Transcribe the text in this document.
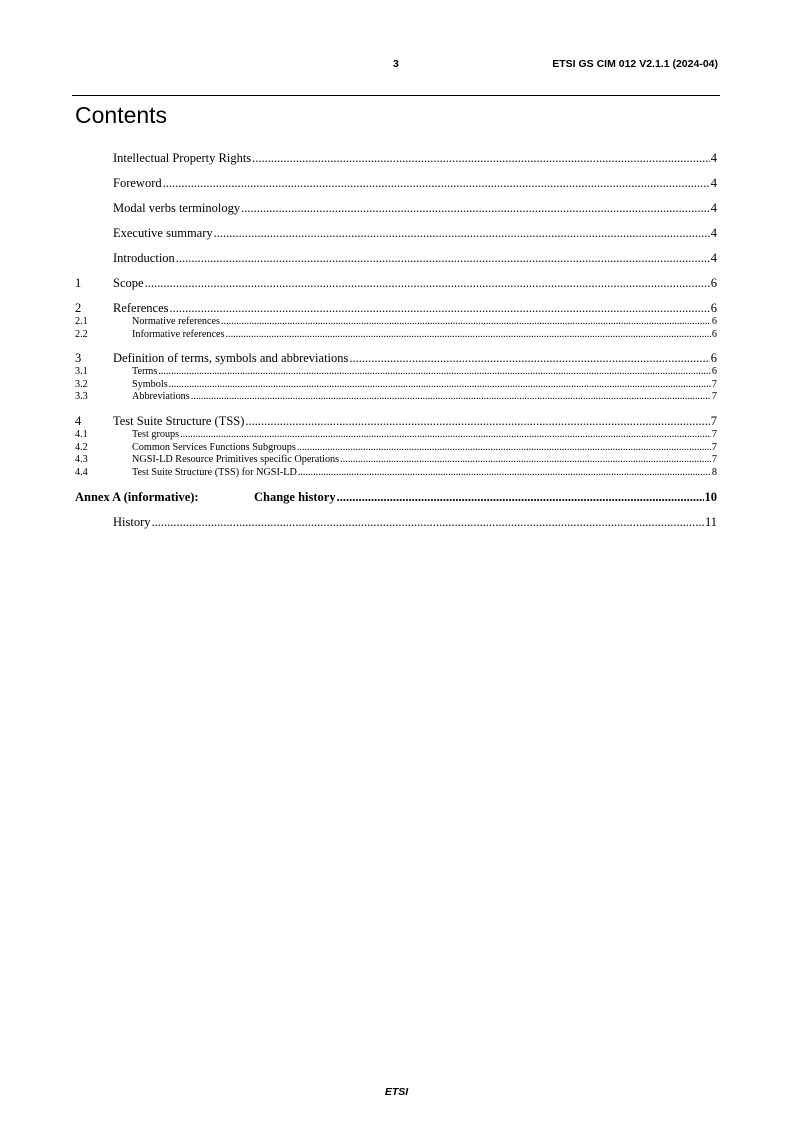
3	ETSI GS CIM 012 V2.1.1 (2024-04)
Contents
Intellectual Property Rights .....	4
Foreword .....	4
Modal verbs terminology .....	4
Executive summary .....	4
Introduction .....	4
1	Scope .....	6
2	References .....	6
2.1	Normative references .....	6
2.2	Informative references .....	6
3	Definition of terms, symbols and abbreviations .....	6
3.1	Terms .....	6
3.2	Symbols .....	7
3.3	Abbreviations .....	7
4	Test Suite Structure (TSS) .....	7
4.1	Test groups .....	7
4.2	Common Services Functions Subgroups .....	7
4.3	NGSI-LD Resource Primitives specific Operations .....	7
4.4	Test Suite Structure (TSS) for NGSI-LD .....	8
Annex A (informative):	Change history .....	10
History .....	11
ETSI
